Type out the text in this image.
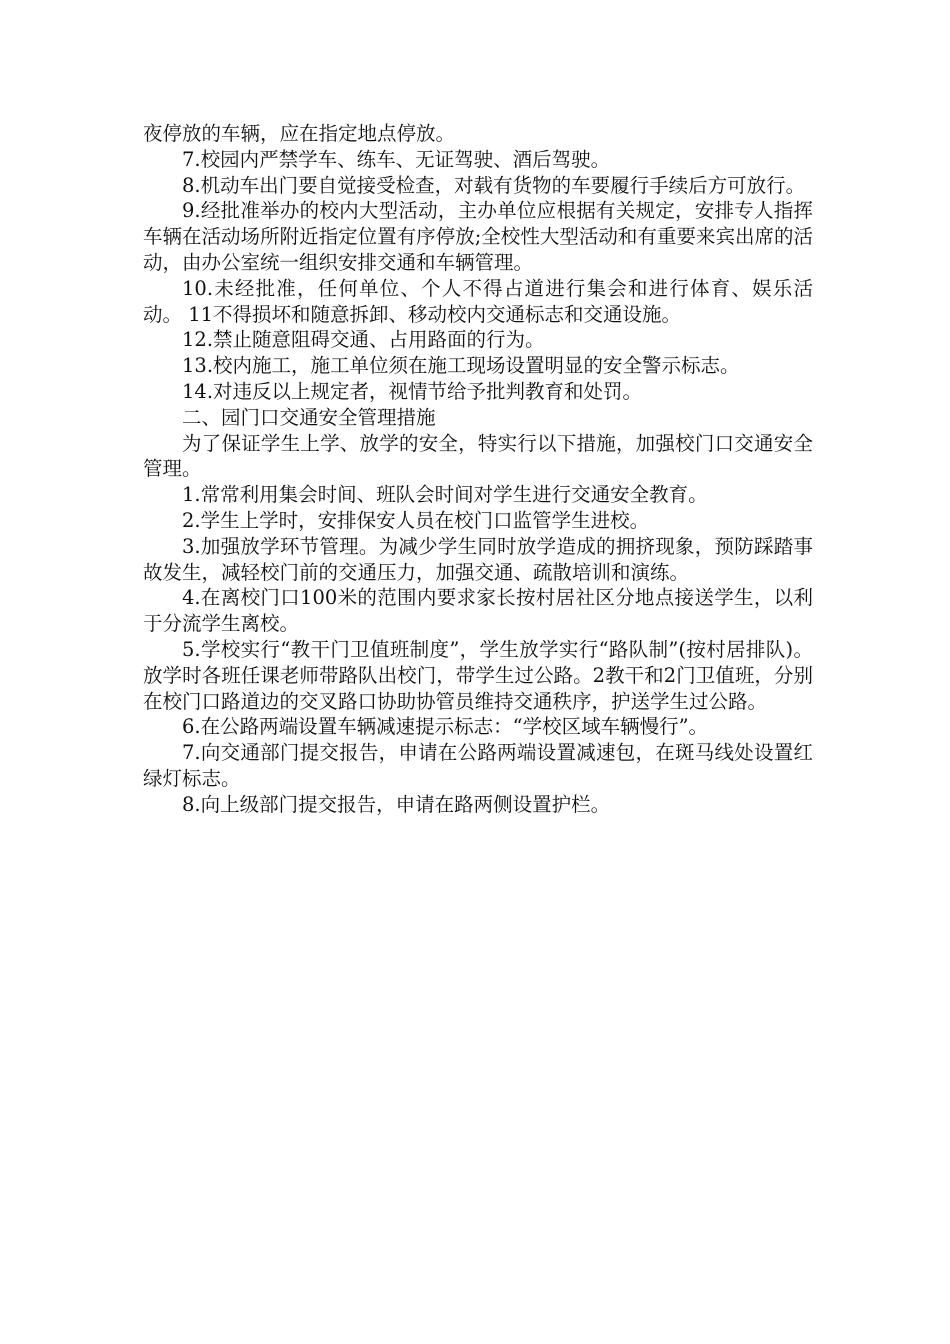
夜停放的车辆，应在指定地点停放。

7.校园内严禁学车、练车、无证驾驶、酒后驾驶。

8.机动车出门要自觉接受检查，对载有货物的车要履行手续后方可放行。

9.经批准举办的校内大型活动，主办单位应根据有关规定，安排专人指挥车辆在活动场所附近指定位置有序停放;全校性大型活动和有重要来宾出席的活动，由办公室统一组织安排交通和车辆管理。

10.未经批准，任何单位、个人不得占道进行集会和进行体育、娱乐活动。 11不得损坏和随意拆卸、移动校内交通标志和交通设施。

12.禁止随意阻碍交通、占用路面的行为。

13.校内施工，施工单位须在施工现场设置明显的安全警示标志。

14.对违反以上规定者，视情节给予批判教育和处罚。

二、园门口交通安全管理措施

为了保证学生上学、放学的安全，特实行以下措施，加强校门口交通安全管理。

1.常常利用集会时间、班队会时间对学生进行交通安全教育。

2.学生上学时，安排保安人员在校门口监管学生进校。

3.加强放学环节管理。为减少学生同时放学造成的拥挤现象，预防踩踏事故发生，减轻校门前的交通压力，加强交通、疏散培训和演练。

4.在离校门口100米的范围内要求家长按村居社区分地点接送学生，以利于分流学生离校。

5.学校实行“教干门卫值班制度”，学生放学实行“路队制”(按村居排队)。放学时各班任课老师带路队出校门，带学生过公路。2教干和2门卫值班，分别在校门口路道边的交叉路口协助协管员维持交通秩序，护送学生过公路。

6.在公路两端设置车辆减速提示标志：“学校区域车辆慢行”。

7.向交通部门提交报告，申请在公路两端设置减速包，在斑马线处设置红绿灯标志。

8.向上级部门提交报告，申请在路两侧设置护栏。
